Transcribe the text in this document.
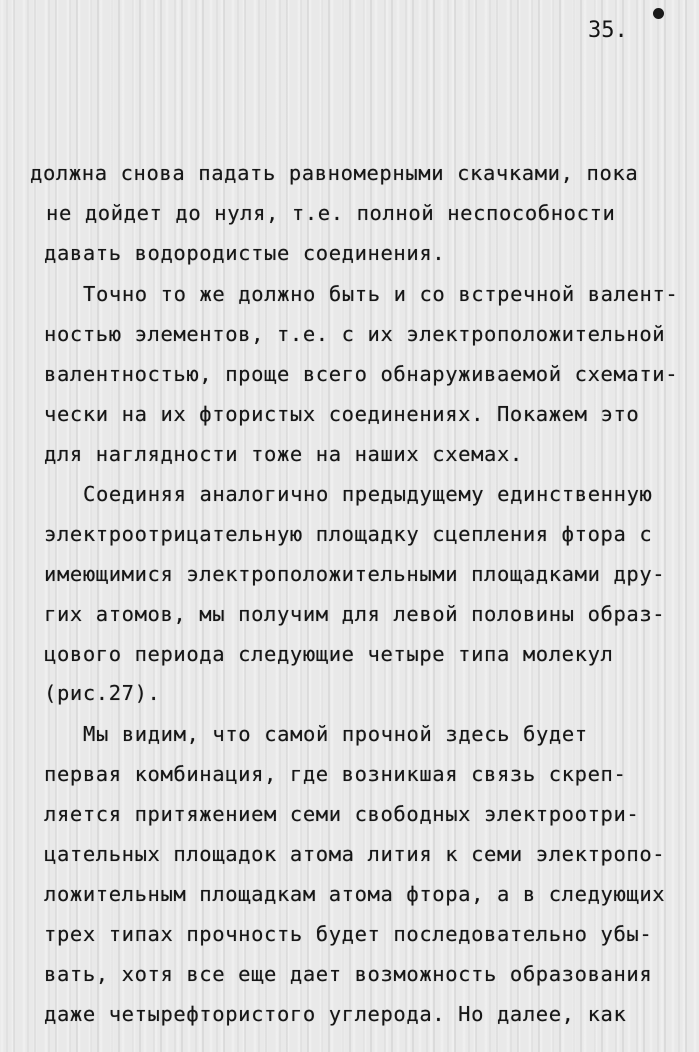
35.
должна снова падать равномерными скачками, пока
не дойдет до нуля, т.е. полной неспособности
давать водородистые соединения.
Точно то же должно быть и со встречной валент-
ностью элементов, т.е. с их электроположительной
валентностью, проще всего обнаруживаемой схемати-
чески на их фтористых соединениях. Покажем это
для наглядности тоже на наших схемах.
Соединяя аналогично предыдущему единственную
электроотрицательную площадку сцепления фтора с
имеющимися электроположительными площадками дру-
гих атомов, мы получим для левой половины образ-
цового периода следующие четыре типа молекул
(рис.27).
Мы видим, что самой прочной здесь будет
первая комбинация, где возникшая связь скреп-
ляется притяжением семи свободных электроотри-
цательных площадок атома лития к семи электропо-
ложительным площадкам атома фтора, а в следующих
трех типах прочность будет последовательно убы-
вать, хотя все еще дает возможность образования
даже четырефтористого углерода. Но далее, как
